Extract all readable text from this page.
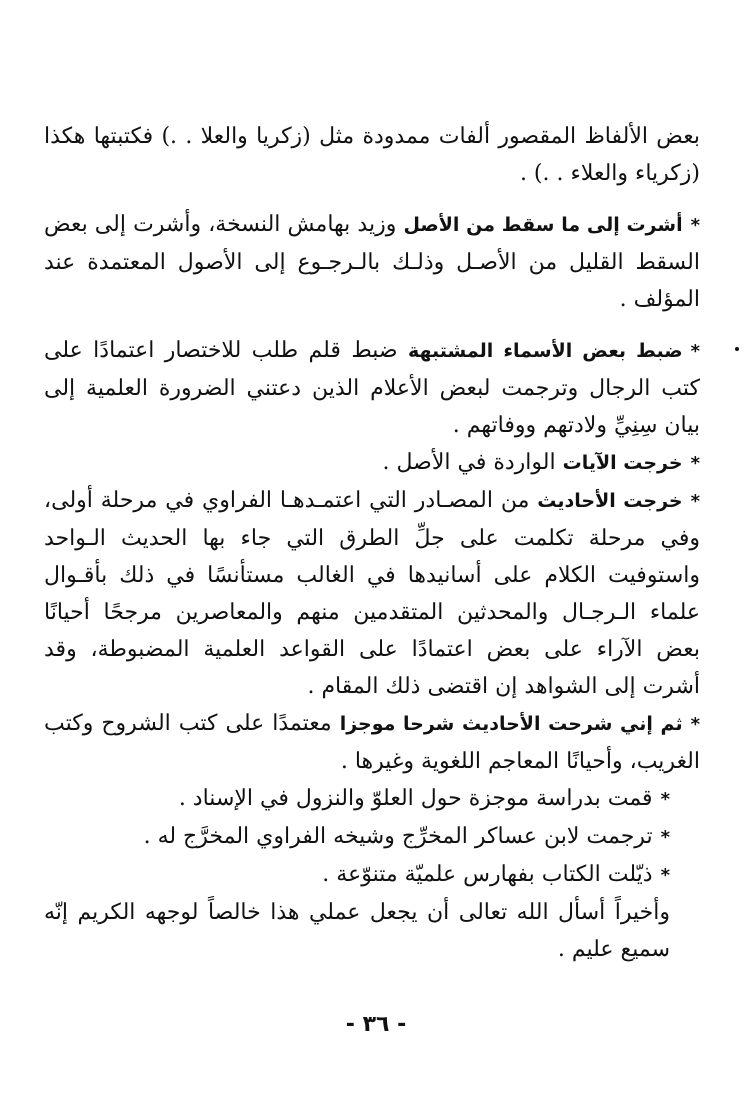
بعض الألفاظ المقصور ألفات ممدودة مثل (زكريا والعلا . .) فكتبتها هكذا (زكرياء والعلاء . .) .

*أشرت إلى ما سقط من الأصل وزيد بهامش النسخة، وأشرت إلى بعض السقط القليل من الأصـل وذلـك بالـرجـوع إلى الأصول المعتمدة عند المؤلف .

*ضبط بعض الأسماء المشتبهة ضبط قلم طلب للاختصار اعتمادًا على كتب الرجال وترجمت لبعض الأعلام الذين دعتني الضرورة العلمية إلى بيان سِنِيِّ ولادتهم ووفاتهم .

*خرجت الآيات الواردة في الأصل .

*خرجت الأحاديث من المصـادر التي اعتمـدهـا الفراوي في مرحلة أولى، وفي مرحلة تكلمت على جلِّ الطرق التي جاء بها الحديث الـواحد واستوفيت الكلام على أسانيدها في الغالب مستأنسًا في ذلك بأقـوال علماء الـرجـال والمحدثين المتقدمين منهم والمعاصرين مرجحًا أحيانًا بعض الآراء على بعض اعتمادًا على القواعد العلمية المضبوطة، وقد أشرت إلى الشواهد إن اقتضى ذلك المقام .

*ثم إني شرحت الأحاديث شرحا موجزا معتمدًا على كتب الشروح وكتب الغريب، وأحيانًا المعاجم اللغوية وغيرها .

*قمت بدراسة موجزة حول العلوّ والنزول في الإسناد .

*ترجمت لابن عساكر المخرِّج وشيخه الفراوي المخرَّج له .

*ذيّلت الكتاب بفهارس علميّة متنوّعة .

وأخيراً أسأل الله تعالى أن يجعل عملي هذا خالصاً لوجهه الكريم إنّه سميع عليم .

- ٣٦ -
